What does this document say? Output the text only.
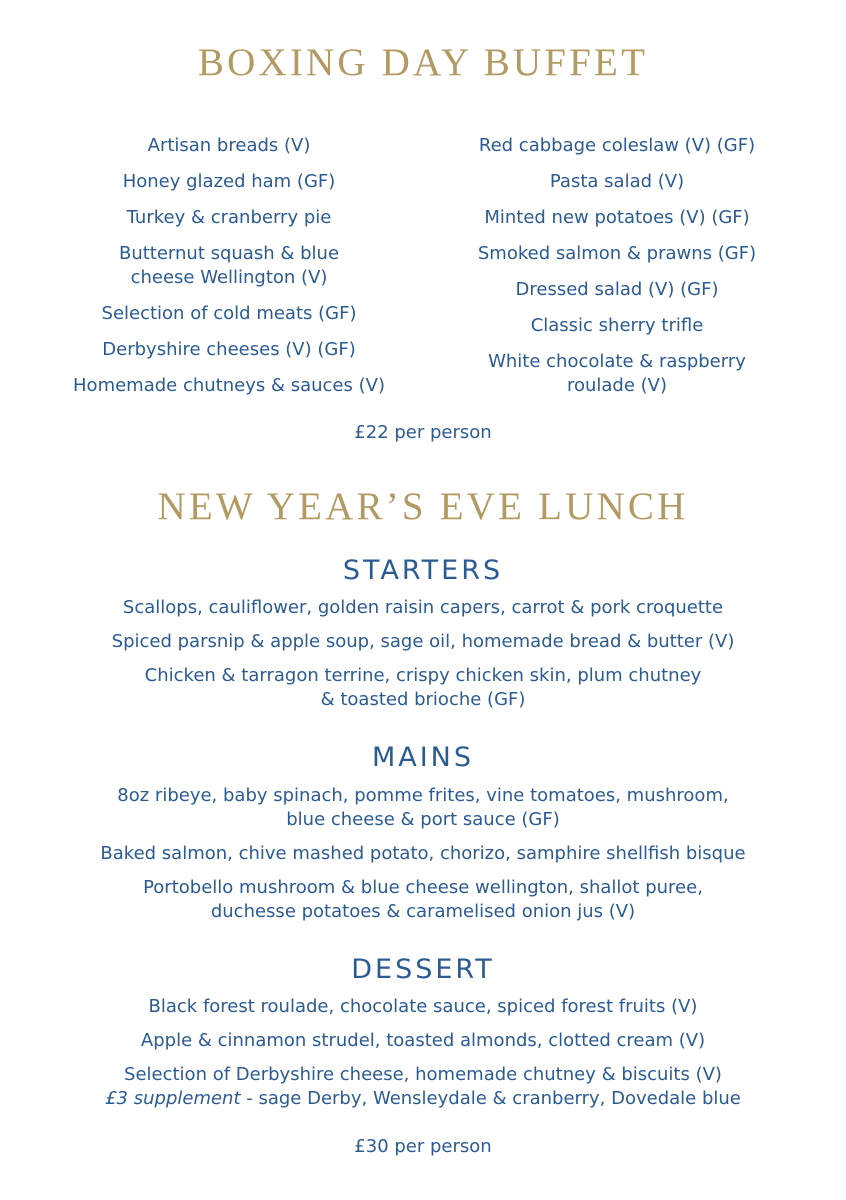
BOXING DAY BUFFET
Artisan breads (V)
Honey glazed ham (GF)
Turkey & cranberry pie
Butternut squash & blue cheese Wellington (V)
Selection of cold meats (GF)
Derbyshire cheeses (V) (GF)
Homemade chutneys & sauces (V)
Red cabbage coleslaw (V) (GF)
Pasta salad (V)
Minted new potatoes (V) (GF)
Smoked salmon & prawns (GF)
Dressed salad (V) (GF)
Classic sherry trifle
White chocolate & raspberry roulade (V)
£22 per person
NEW YEAR’S EVE LUNCH
STARTERS
Scallops, cauliflower, golden raisin capers, carrot & pork croquette
Spiced parsnip & apple soup, sage oil, homemade bread & butter (V)
Chicken & tarragon terrine, crispy chicken skin, plum chutney
& toasted brioche (GF)
MAINS
8oz ribeye, baby spinach, pomme frites, vine tomatoes, mushroom,
blue cheese & port sauce (GF)
Baked salmon, chive mashed potato, chorizo, samphire shellfish bisque
Portobello mushroom & blue cheese wellington, shallot puree,
duchesse potatoes & caramelised onion jus (V)
DESSERT
Black forest roulade, chocolate sauce, spiced forest fruits (V)
Apple & cinnamon strudel, toasted almonds, clotted cream (V)
Selection of Derbyshire cheese, homemade chutney & biscuits (V)
£3 supplement - sage Derby, Wensleydale & cranberry, Dovedale blue
£30 per person
